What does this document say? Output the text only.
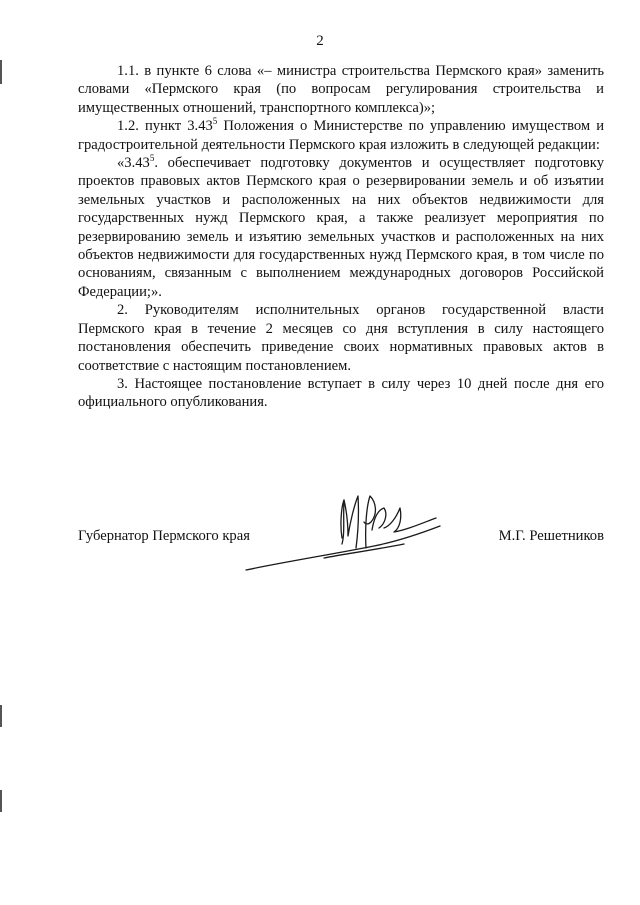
2

1.1. в пункте 6 слова «– министра строительства Пермского края» заменить словами «Пермского края (по вопросам регулирования строительства и имущественных отношений, транспортного комплекса)»;

1.2. пункт 3.43$^5$ Положения о Министерстве по управлению имуществом и градостроительной деятельности Пермского края изложить в следующей редакции:

«3.43$^5$. обеспечивает подготовку документов и осуществляет подготовку проектов правовых актов Пермского края о резервировании земель и об изъятии земельных участков и расположенных на них объектов недвижимости для государственных нужд Пермского края, а также реализует мероприятия по резервированию земель и изъятию земельных участков и расположенных на них объектов недвижимости для государственных нужд Пермского края, в том числе по основаниям, связанным с выполнением международных договоров Российской Федерации;».

2. Руководителям исполнительных органов государственной власти Пермского края в течение 2 месяцев со дня вступления в силу настоящего постановления обеспечить приведение своих нормативных правовых актов в соответствие с настоящим постановлением.

3. Настоящее постановление вступает в силу через 10 дней после дня его официального опубликования.

Губернатор Пермского края	М.Г. Решетников
